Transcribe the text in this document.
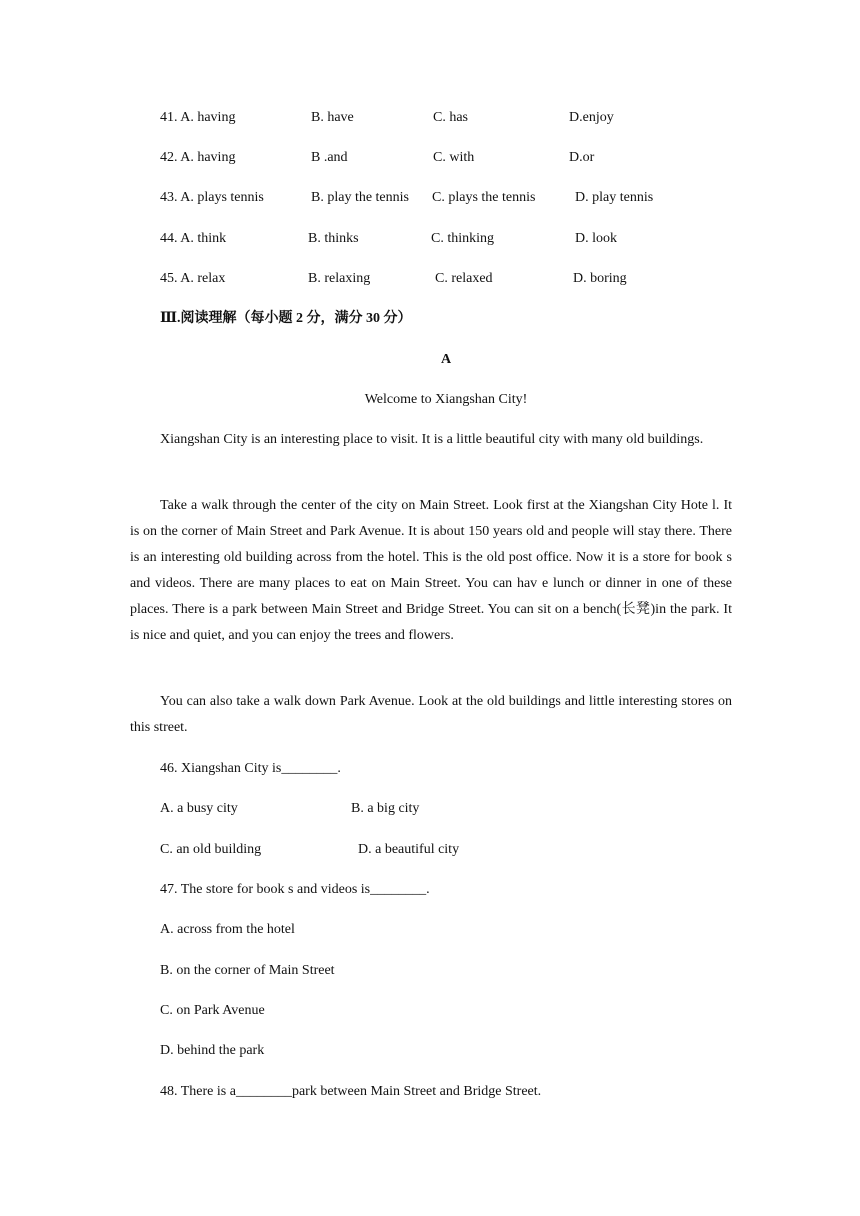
41. A. having	B. have	C. has	D.enjoy
42. A. having	B .and	C. with	D.or
43. A. plays tennis	B. play the tennis C. plays the tennis	D. play tennis
44. A. think	B. thinks	C. thinking	D. look
45. A. relax	B. relaxing	C. relaxed	D. boring
Ⅲ.阅读理解（每小题 2 分，满分 30 分）
A
Welcome to Xiangshan City!
Xiangshan City is an interesting place to visit. It is a little beautiful city with many old buildings.
Take a walk through the center of the city on Main Street. Look first at the Xiangshan City Hote l. It is on the corner of Main Street and Park Avenue. It is about 150 years old and people will stay there. There is an interesting old building across from the hotel. This is the old post office. Now it is a store for book s and videos. There are many places to eat on Main Street. You can hav e lunch or dinner in one of these places. There is a park between Main Street and Bridge Street. You can sit on a bench(长凳)in the park. It is nice and quiet, and you can enjoy the trees and flowers.
You can also take a walk down Park Avenue. Look at the old buildings and little interesting stores on this street.
46. Xiangshan City is________.
A. a busy city	B. a big city
C. an old building	D. a beautiful city
47. The store for book s and videos is________.
A. across from the hotel
B. on the corner of Main Street
C. on Park Avenue
D. behind the park
48. There is a________park between Main Street and Bridge Street.
